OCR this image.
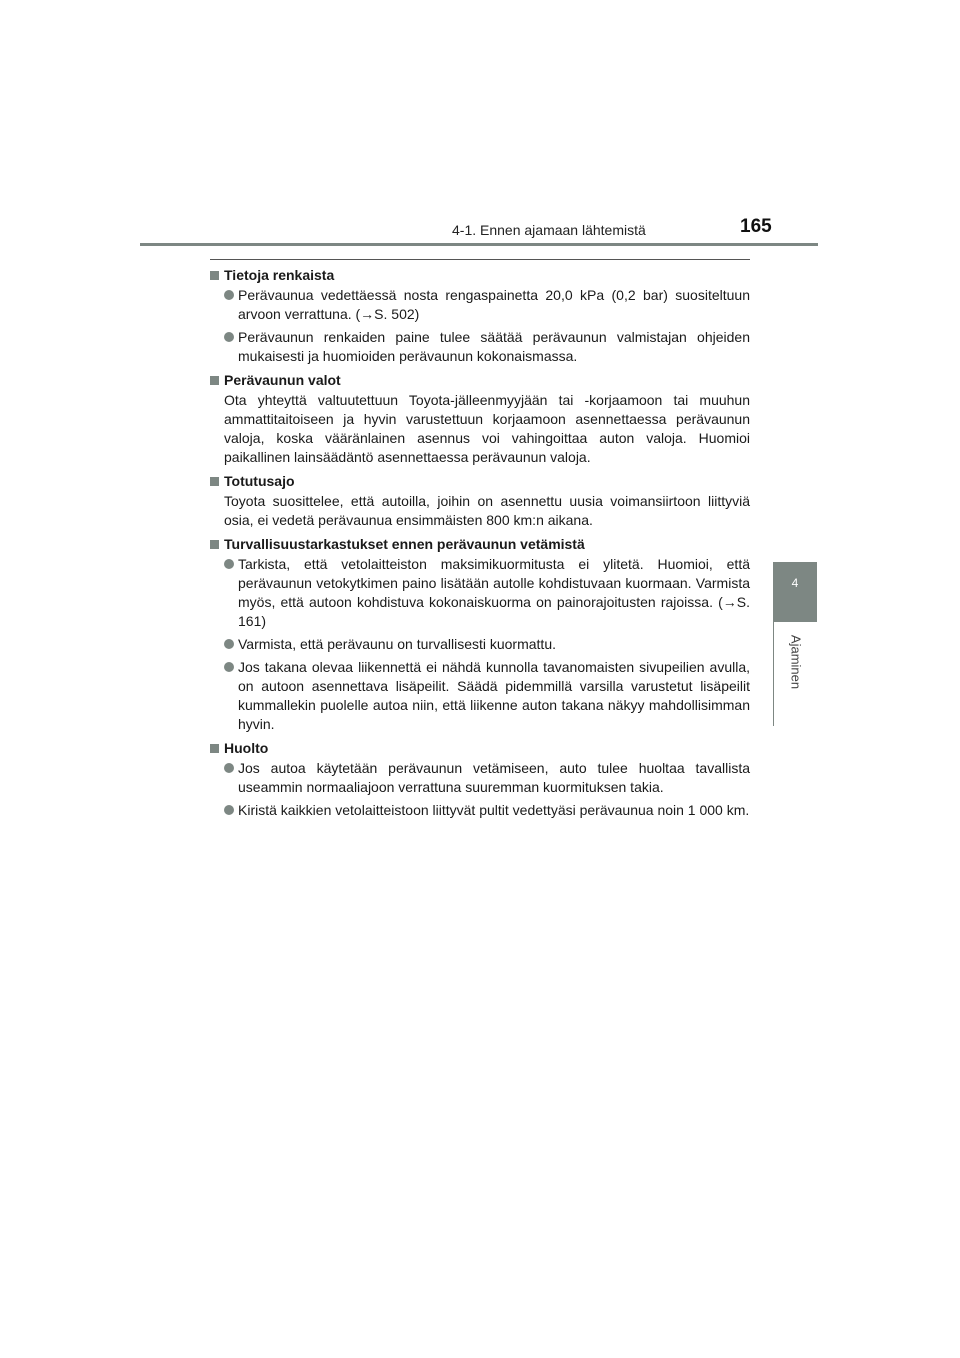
4-1. Ennen ajamaan lähtemistä	165
4
Ajaminen
Tietoja renkaista
Perävaunua vedettäessä nosta rengaspainetta 20,0 kPa (0,2 bar) suositeltuun arvoon verrattuna. (→S. 502)
Perävaunun renkaiden paine tulee säätää perävaunun valmistajan ohjeiden mukaisesti ja huomioiden perävaunun kokonaismassa.
Perävaunun valot
Ota yhteyttä valtuutettuun Toyota-jälleenmyyjään tai -korjaamoon tai muuhun ammattitaitoiseen ja hyvin varustettuun korjaamoon asennettaessa perävaunun valoja, koska vääränlainen asennus voi vahingoittaa auton valoja. Huomioi paikallinen lainsäädäntö asennettaessa perävaunun valoja.
Totutusajo
Toyota suosittelee, että autoilla, joihin on asennettu uusia voimansiirtoon liittyviä osia, ei vedetä perävaunua ensimmäisten 800 km:n aikana.
Turvallisuustarkastukset ennen perävaunun vetämistä
Tarkista, että vetolaitteiston maksimikuormitusta ei ylitetä. Huomioi, että perävaunun vetokytkimen paino lisätään autolle kohdistuvaan kuormaan. Varmista myös, että autoon kohdistuva kokonaiskuorma on painorajoitusten rajoissa. (→S. 161)
Varmista, että perävaunu on turvallisesti kuormattu.
Jos takana olevaa liikennettä ei nähdä kunnolla tavanomaisten sivupeilien avulla, on autoon asennettava lisäpeilit. Säädä pidemmillä varsilla varustetut lisäpeilit kummallekin puolelle autoa niin, että liikenne auton takana näkyy mahdollisimman hyvin.
Huolto
Jos autoa käytetään perävaunun vetämiseen, auto tulee huoltaa tavallista useammin normaaliajoon verrattuna suuremman kuormituksen takia.
Kiristä kaikkien vetolaitteistoon liittyvät pultit vedettyäsi perävaunua noin 1 000 km.
